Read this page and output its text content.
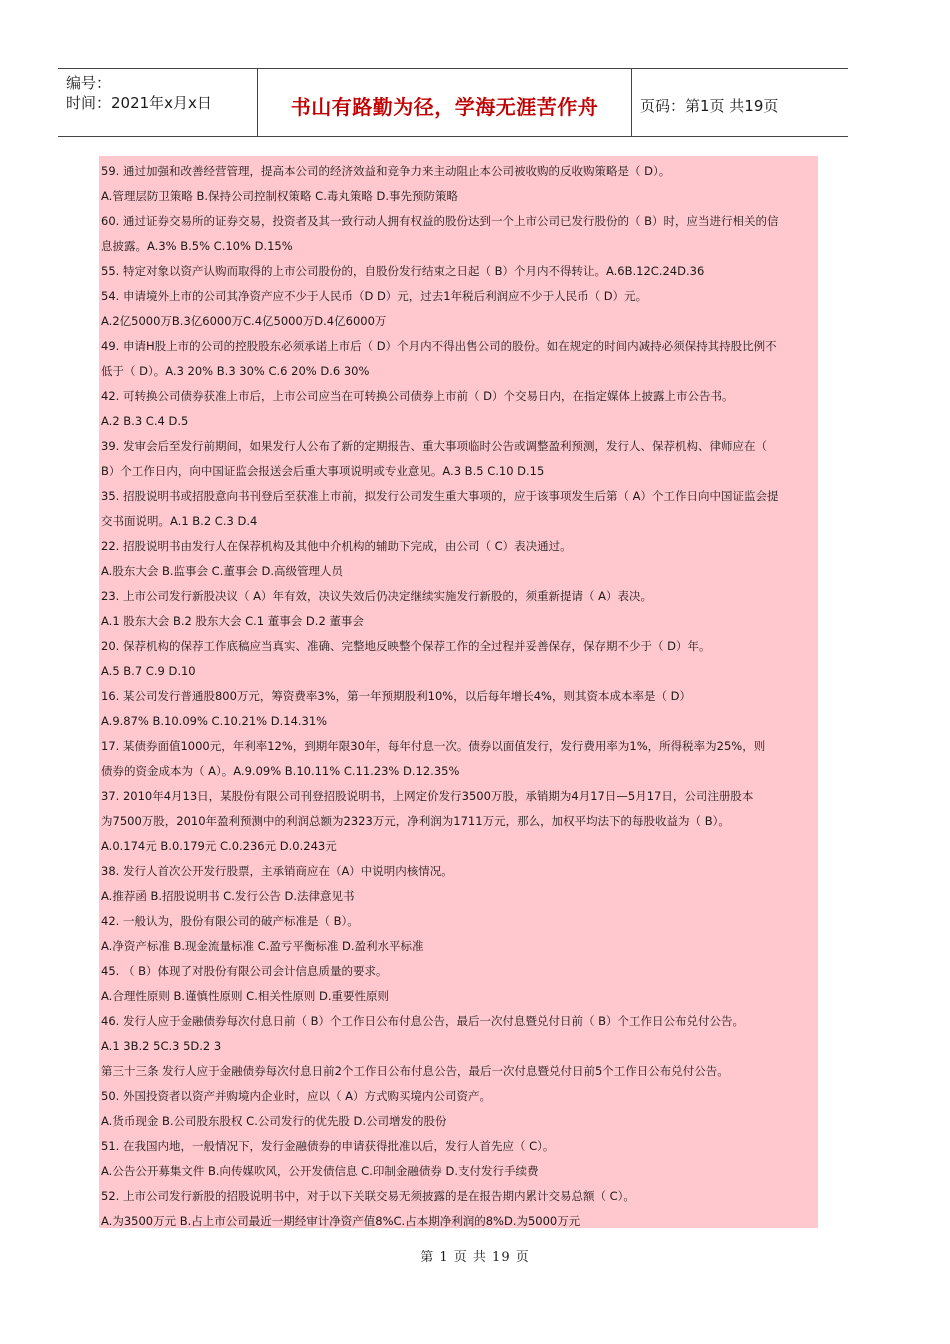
编号：
时间：2021年x月x日	书山有路勤为径，学海无涯苦作舟	页码：第1页 共19页
59. 通过加强和改善经营管理，提高本公司的经济效益和竞争力来主动阻止本公司被收购的反收购策略是（ D）。
A.管理层防卫策略 B.保持公司控制权策略 C.毒丸策略 D.事先预防策略
60. 通过证券交易所的证券交易，投资者及其一致行动人拥有权益的股份达到一个上市公司已发行股份的（ B）时，应当进行相关的信
息披露。A.3% B.5% C.10% D.15%
55. 特定对象以资产认购而取得的上市公司股份的，自股份发行结束之日起（ B）个月内不得转让。A.6B.12C.24D.36
54. 申请境外上市的公司其净资产应不少于人民币（D D）元，过去1年税后利润应不少于人民币（ D）元。
A.2亿5000万B.3亿6000万C.4亿5000万D.4亿6000万
49. 申请H股上市的公司的控股股东必须承诺上市后（ D）个月内不得出售公司的股份。如在规定的时间内减持必须保持其持股比例不
低于（ D）。A.3 20% B.3 30% C.6 20% D.6 30%
42. 可转换公司债券获准上市后，上市公司应当在可转换公司债券上市前（ D）个交易日内，在指定媒体上披露上市公告书。
A.2 B.3 C.4 D.5
39. 发审会后至发行前期间，如果发行人公布了新的定期报告、重大事项临时公告或调整盈利预测，发行人、保荐机构、律师应在（
B）个工作日内，向中国证监会报送会后重大事项说明或专业意见。A.3 B.5 C.10 D.15
35. 招股说明书或招股意向书刊登后至获准上市前，拟发行公司发生重大事项的，应于该事项发生后第（ A）个工作日向中国证监会提
交书面说明。A.1 B.2 C.3 D.4
22. 招股说明书由发行人在保荐机构及其他中介机构的辅助下完成，由公司（ C）表决通过。
A.股东大会 B.监事会 C.董事会 D.高级管理人员
23. 上市公司发行新股决议（ A）年有效，决议失效后仍决定继续实施发行新股的，须重新提请（ A）表决。
A.1 股东大会 B.2 股东大会 C.1 董事会 D.2 董事会
20. 保荐机构的保荐工作底稿应当真实、准确、完整地反映整个保荐工作的全过程并妥善保存，保存期不少于（ D）年。
A.5 B.7 C.9 D.10
16. 某公司发行普通股800万元，筹资费率3%，第一年预期股利10%，以后每年增长4%，则其资本成本率是（ D）
A.9.87% B.10.09% C.10.21% D.14.31%
17. 某债券面值1000元，年利率12%，到期年限30年，每年付息一次。债券以面值发行，发行费用率为1%，所得税率为25%，则
债券的资金成本为（ A）。A.9.09% B.10.11% C.11.23% D.12.35%
37. 2010年4月13日，某股份有限公司刊登招股说明书，上网定价发行3500万股，承销期为4月17日—5月17日，公司注册股本
为7500万股，2010年盈利预测中的利润总额为2323万元，净利润为1711万元，那么，加权平均法下的每股收益为（ B）。
A.0.174元 B.0.179元 C.0.236元 D.0.243元
38. 发行人首次公开发行股票，主承销商应在（A）中说明内核情况。
A.推荐函 B.招股说明书 C.发行公告 D.法律意见书
42. 一般认为，股份有限公司的破产标准是（ B）。
A.净资产标准 B.现金流量标准 C.盈亏平衡标准 D.盈利水平标准
45. （ B）体现了对股份有限公司会计信息质量的要求。
A.合理性原则 B.谨慎性原则 C.相关性原则 D.重要性原则
46. 发行人应于金融债券每次付息日前（ B）个工作日公布付息公告，最后一次付息暨兑付日前（ B）个工作日公布兑付公告。
A.1 3B.2 5C.3 5D.2 3
第三十三条 发行人应于金融债券每次付息日前2个工作日公布付息公告，最后一次付息暨兑付日前5个工作日公布兑付公告。
50. 外国投资者以资产并购境内企业时，应以（ A）方式购买境内公司资产。
A.货币现金 B.公司股东股权 C.公司发行的优先股 D.公司增发的股份
51. 在我国内地，一般情况下，发行金融债券的申请获得批准以后，发行人首先应（ C）。
A.公告公开募集文件 B.向传媒吹风，公开发债信息 C.印制金融债券 D.支付发行手续费
52. 上市公司发行新股的招股说明书中，对于以下关联交易无须披露的是在报告期内累计交易总额（ C）。
A.为3500万元 B.占上市公司最近一期经审计净资产值8%C.占本期净利润的8%D.为5000万元
第 1 页 共 19 页
